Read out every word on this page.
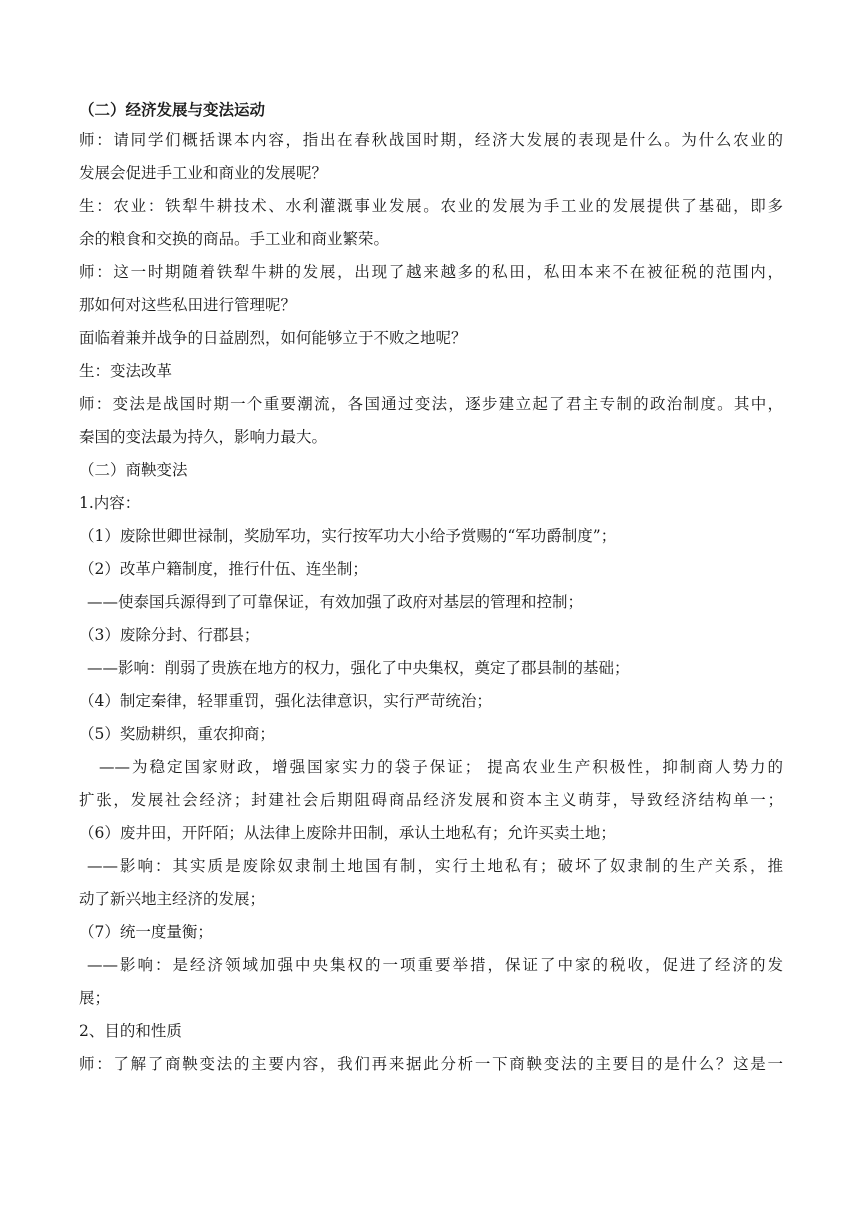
（二）经济发展与变法运动
师：请同学们概括课本内容，指出在春秋战国时期，经济大发展的表现是什么。为什么农业的
发展会促进手工业和商业的发展呢？
生：农业：铁犁牛耕技术、水利灌溉事业发展。农业的发展为手工业的发展提供了基础，即多
余的粮食和交换的商品。手工业和商业繁荣。
师：这一时期随着铁犁牛耕的发展，出现了越来越多的私田，私田本来不在被征税的范围内，
那如何对这些私田进行管理呢？
面临着兼并战争的日益剧烈，如何能够立于不败之地呢？
生：变法改革
师：变法是战国时期一个重要潮流，各国通过变法，逐步建立起了君主专制的政治制度。其中，
秦国的变法最为持久，影响力最大。
（二）商鞅变法
1.内容：
（1）废除世卿世禄制，奖励军功，实行按军功大小给予赏赐的“军功爵制度”；
（2）改革户籍制度，推行什伍、连坐制；
——使泰国兵源得到了可靠保证，有效加强了政府对基层的管理和控制；
（3）废除分封、行郡县；
——影响：削弱了贵族在地方的权力，强化了中央集权，奠定了郡县制的基础；
（4）制定秦律，轻罪重罚，强化法律意识，实行严苛统治；
（5）奖励耕织，重农抑商；
——为稳定国家财政，增强国家实力的袋子保证； 提高农业生产积极性，抑制商人势力的
扩张，发展社会经济；封建社会后期阻碍商品经济发展和资本主义萌芽，导致经济结构单一；
（6）废井田，开阡陌；从法律上废除井田制，承认土地私有；允许买卖土地；
——影响：其实质是废除奴隶制土地国有制，实行土地私有；破坏了奴隶制的生产关系，推
动了新兴地主经济的发展；
（7）统一度量衡；
——影响：是经济领域加强中央集权的一项重要举措，保证了中家的税收，促进了经济的发
展；
2、目的和性质
师：了解了商鞅变法的主要内容，我们再来据此分析一下商鞅变法的主要目的是什么？这是一
